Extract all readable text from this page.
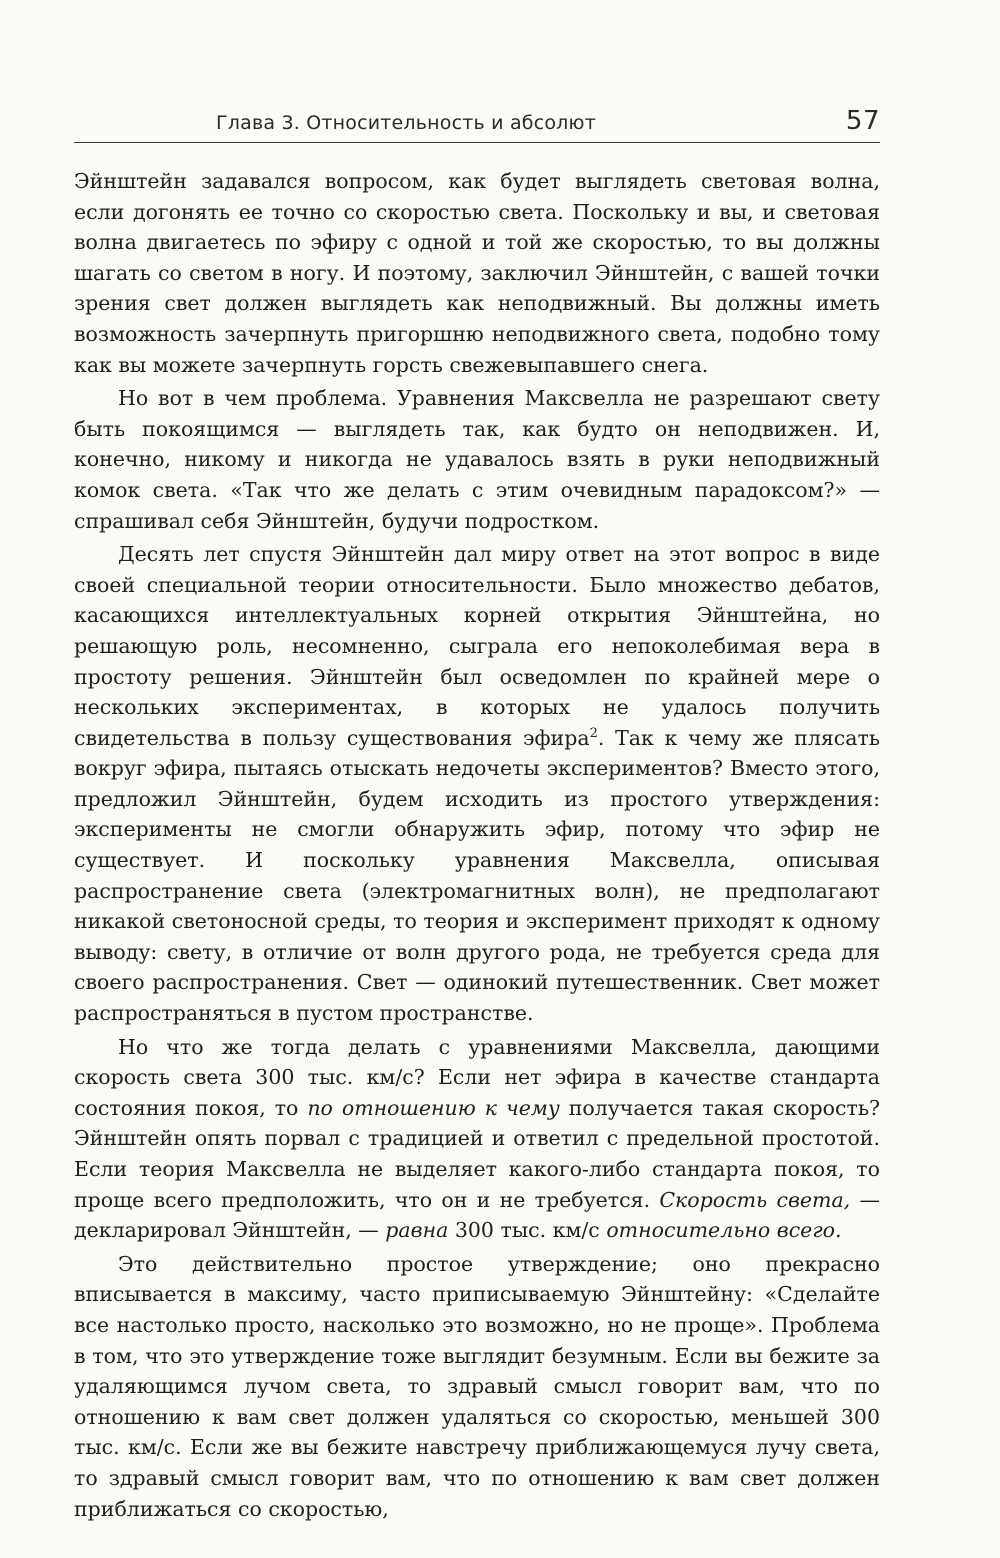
Глава 3. Относительность и абсолют	57

Эйнштейн задавался вопросом, как будет выглядеть световая волна, если догонять ее точно со скоростью света. Поскольку и вы, и световая волна двигаетесь по эфиру с одной и той же скоростью, то вы должны шагать со светом в ногу. И поэтому, заключил Эйнштейн, с вашей точки зрения свет должен выглядеть как неподвижный. Вы должны иметь возможность зачерпнуть пригоршню неподвижного света, подобно тому как вы можете зачерпнуть горсть свежевыпавшего снега.

Но вот в чем проблема. Уравнения Максвелла не разрешают свету быть покоящимся — выглядеть так, как будто он неподвижен. И, конечно, никому и никогда не удавалось взять в руки неподвижный комок света. «Так что же делать с этим очевидным парадоксом?» — спрашивал себя Эйнштейн, будучи подростком.

Десять лет спустя Эйнштейн дал миру ответ на этот вопрос в виде своей специальной теории относительности. Было множество дебатов, касающихся интеллектуальных корней открытия Эйнштейна, но решающую роль, несомненно, сыграла его непоколебимая вера в простоту решения. Эйнштейн был осведомлен по крайней мере о нескольких экспериментах, в которых не удалось получить свидетельства в пользу существования эфира$^2$. Так к чему же плясать вокруг эфира, пытаясь отыскать недочеты экспериментов? Вместо этого, предложил Эйнштейн, будем исходить из простого утверждения: эксперименты не смогли обнаружить эфир, потому что эфир не существует. И поскольку уравнения Максвелла, описывая распространение света (электромагнитных волн), не предполагают никакой светоносной среды, то теория и эксперимент приходят к одному выводу: свету, в отличие от волн другого рода, не требуется среда для своего распространения. Свет — одинокий путешественник. Свет может распространяться в пустом пространстве.

Но что же тогда делать с уравнениями Максвелла, дающими скорость света 300 тыс. км/с? Если нет эфира в качестве стандарта состояния покоя, то по отношению к чему получается такая скорость? Эйнштейн опять порвал с традицией и ответил с предельной простотой. Если теория Максвелла не выделяет какого-либо стандарта покоя, то проще всего предположить, что он и не требуется. Скорость света, — декларировал Эйнштейн, — равна 300 тыс. км/с относительно всего.

Это действительно простое утверждение; оно прекрасно вписывается в максиму, часто приписываемую Эйнштейну: «Сделайте все настолько просто, насколько это возможно, но не проще». Проблема в том, что это утверждение тоже выглядит безумным. Если вы бежите за удаляющимся лучом света, то здравый смысл говорит вам, что по отношению к вам свет должен удаляться со скоростью, меньшей 300 тыс. км/с. Если же вы бежите навстречу приближающемуся лучу света, то здравый смысл говорит вам, что по отношению к вам свет должен приближаться со скоростью,
